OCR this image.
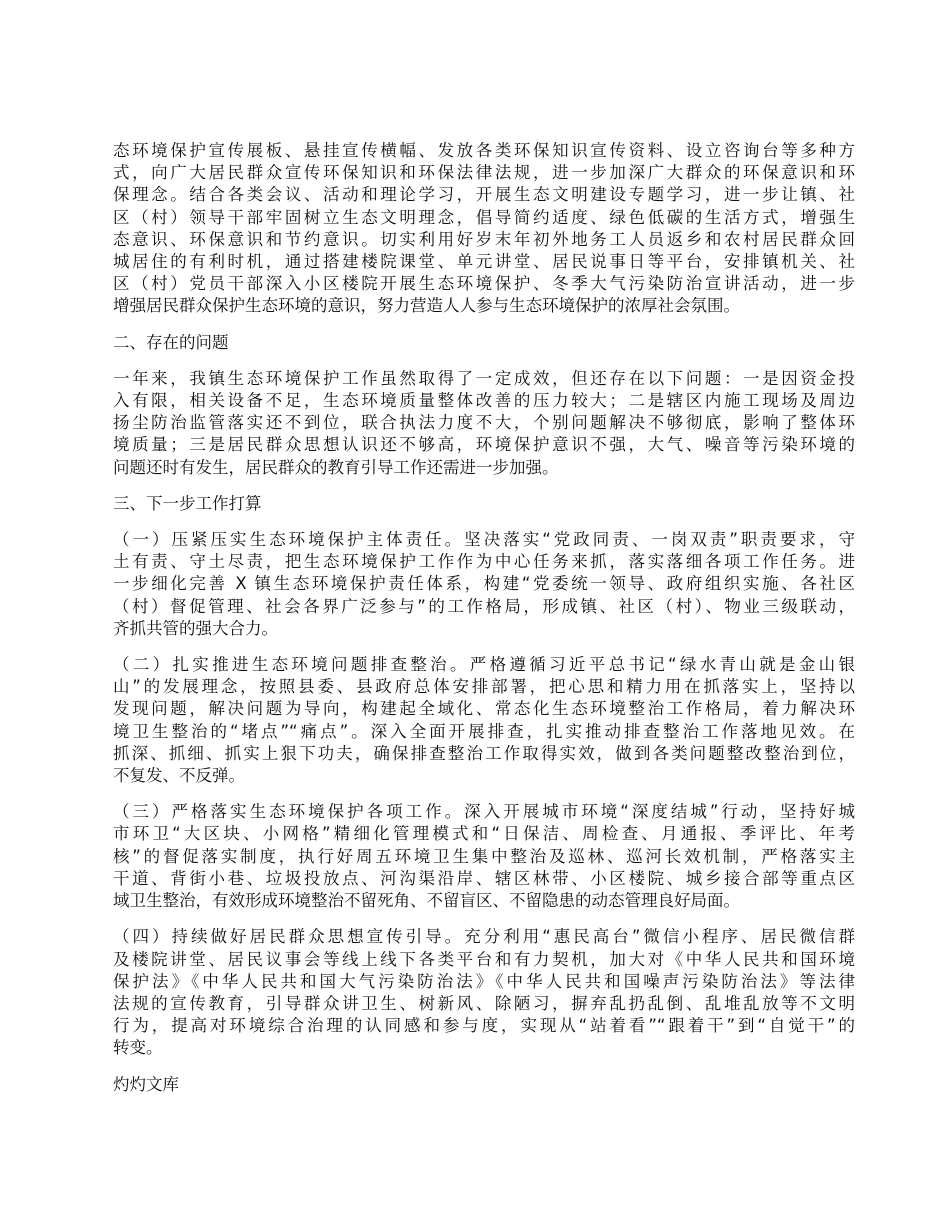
态环境保护宣传展板、悬挂宣传横幅、发放各类环保知识宣传资料、设立咨询台等多种方
式，向广大居民群众宣传环保知识和环保法律法规，进一步加深广大群众的环保意识和环
保理念。结合各类会议、活动和理论学习，开展生态文明建设专题学习，进一步让镇、社
区（村）领导干部牢固树立生态文明理念，倡导简约适度、绿色低碳的生活方式，增强生
态意识、环保意识和节约意识。切实利用好岁末年初外地务工人员返乡和农村居民群众回
城居住的有利时机，通过搭建楼院课堂、单元讲堂、居民说事日等平台，安排镇机关、社
区（村）党员干部深入小区楼院开展生态环境保护、冬季大气污染防治宣讲活动，进一步
增强居民群众保护生态环境的意识，努力营造人人参与生态环境保护的浓厚社会氛围。

二、存在的问题

一年来，我镇生态环境保护工作虽然取得了一定成效，但还存在以下问题：一是因资金投
入有限，相关设备不足，生态环境质量整体改善的压力较大；二是辖区内施工现场及周边
扬尘防治监管落实还不到位，联合执法力度不大，个别问题解决不够彻底，影响了整体环
境质量；三是居民群众思想认识还不够高，环境保护意识不强，大气、噪音等污染环境的
问题还时有发生，居民群众的教育引导工作还需进一步加强。

三、下一步工作打算

（一）压紧压实生态环境保护主体责任。坚决落实“党政同责、一岗双责”职责要求，守
土有责、守土尽责，把生态环境保护工作作为中心任务来抓，落实落细各项工作任务。进
一步细化完善 X 镇生态环境保护责任体系，构建“党委统一领导、政府组织实施、各社区
（村）督促管理、社会各界广泛参与”的工作格局，形成镇、社区（村）、物业三级联动，
齐抓共管的强大合力。

（二）扎实推进生态环境问题排查整治。严格遵循习近平总书记“绿水青山就是金山银
山”的发展理念，按照县委、县政府总体安排部署，把心思和精力用在抓落实上，坚持以
发现问题，解决问题为导向，构建起全域化、常态化生态环境整治工作格局，着力解决环
境卫生整治的“堵点”“痛点”。深入全面开展排查，扎实推动排查整治工作落地见效。在
抓深、抓细、抓实上狠下功夫，确保排查整治工作取得实效，做到各类问题整改整治到位，
不复发、不反弹。

（三）严格落实生态环境保护各项工作。深入开展城市环境“深度结城”行动，坚持好城
市环卫“大区块、小网格”精细化管理模式和“日保洁、周检查、月通报、季评比、年考
核”的督促落实制度，执行好周五环境卫生集中整治及巡林、巡河长效机制，严格落实主
干道、背街小巷、垃圾投放点、河沟渠沿岸、辖区林带、小区楼院、城乡接合部等重点区
域卫生整治，有效形成环境整治不留死角、不留盲区、不留隐患的动态管理良好局面。

（四）持续做好居民群众思想宣传引导。充分利用“惠民高台”微信小程序、居民微信群
及楼院讲堂、居民议事会等线上线下各类平台和有力契机，加大对《中华人民共和国环境
保护法》《中华人民共和国大气污染防治法》《中华人民共和国噪声污染防治法》等法律
法规的宣传教育，引导群众讲卫生、树新风、除陋习，摒弃乱扔乱倒、乱堆乱放等不文明
行为，提高对环境综合治理的认同感和参与度，实现从“站着看”“跟着干”到“自觉干”的
转变。

灼灼文库
